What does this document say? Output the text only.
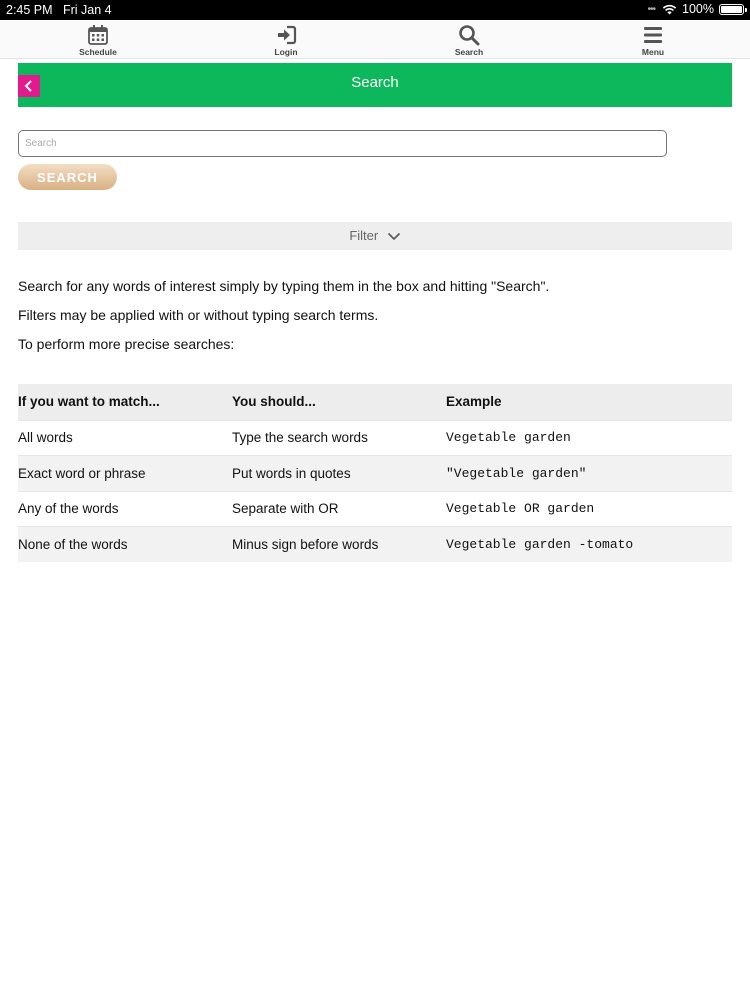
2:45 PM Fri Jan 4	••• 100%
Schedule	Login	Search	Menu
Search
Search
SEARCH
Filter

Search for any words of interest simply by typing them in the box and hitting "Search".

Filters may be applied with or without typing search terms.

To perform more precise searches:

If you want to match...	You should...	Example
All words	Type the search words	Vegetable garden
Exact word or phrase	Put words in quotes	"Vegetable garden"
Any of the words	Separate with OR	Vegetable OR garden
None of the words	Minus sign before words	Vegetable garden -tomato
